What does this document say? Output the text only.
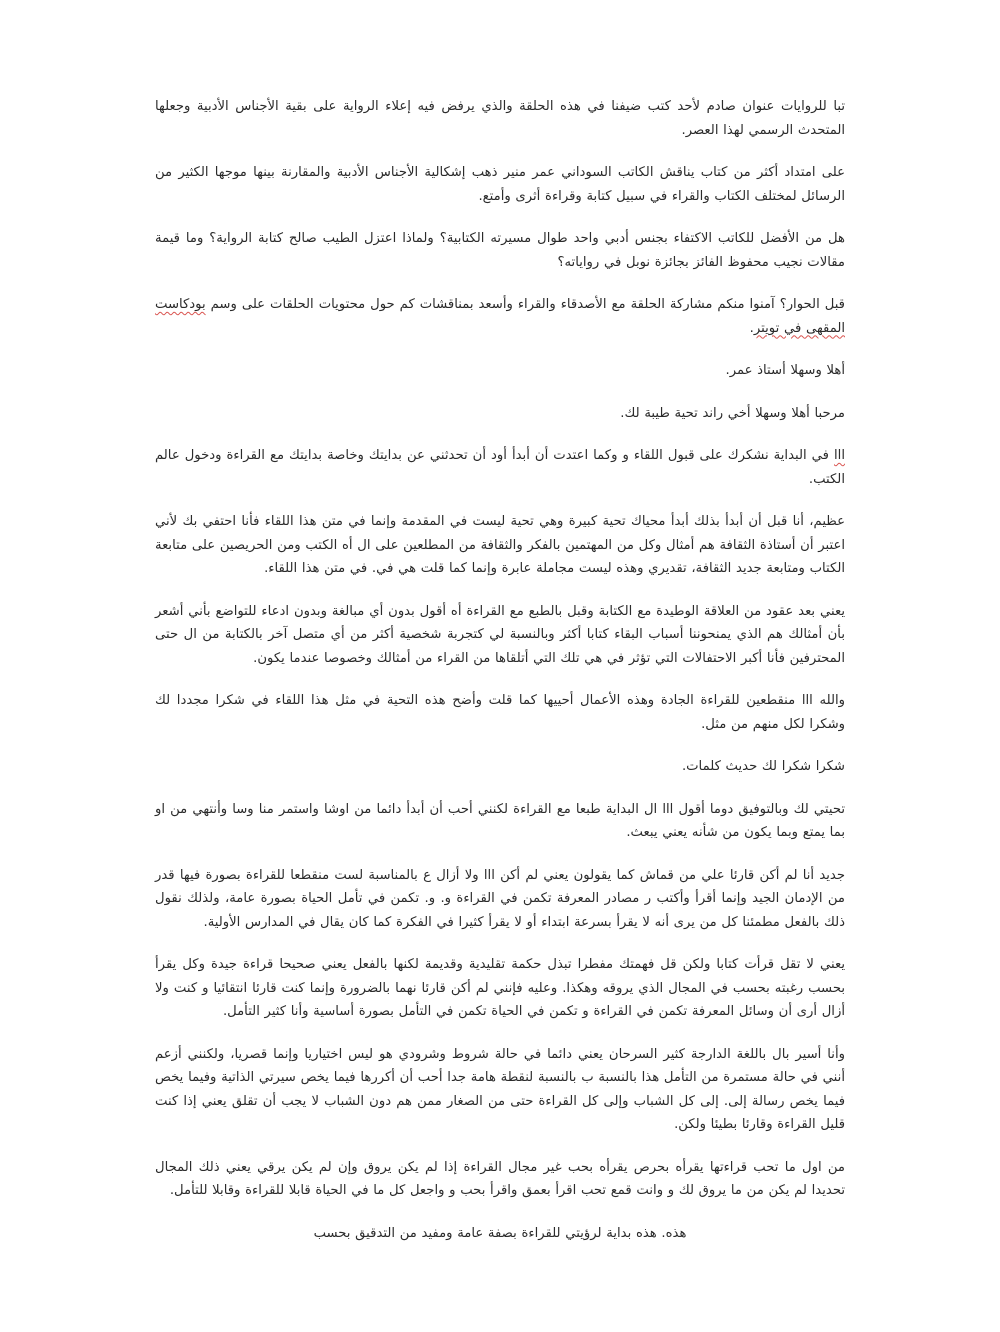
تبا للروايات عنوان صادم لأحد كتب ضيفنا في هذه الحلقة والذي يرفض فيه إعلاء الرواية على بقية الأجناس الأدبية وجعلها المتحدث الرسمي لهذا العصر.

على امتداد أكثر من كتاب يناقش الكاتب السوداني عمر منير ذهب إشكالية الأجناس الأدبية والمقارنة بينها موجها الكثير من الرسائل لمختلف الكتاب والقراء في سبيل كتابة وقراءة أثرى وأمتع.

هل من الأفضل للكاتب الاكتفاء بجنس أدبي واحد طوال مسيرته الكتابية؟ ولماذا اعتزل الطيب صالح كتابة الرواية؟ وما قيمة مقالات نجيب محفوظ الفائز بجائزة نوبل في رواياته؟

قبل الحوار؟ آمنوا منكم مشاركة الحلقة مع الأصدقاء والقراء وأسعد بمناقشات كم حول محتويات الحلقات على وسم بودكاست المقهى في تويتر.

أهلا وسهلا أستاذ عمر.

مرحبا أهلا وسهلا أخي راند تحية طيبة لك.

ااا في البداية نشكرك على قبول اللقاء و وكما اعتدت أن أبدأ أود أن تحدثني عن بدايتك وخاصة بدايتك مع القراءة ودخول عالم الكتب.

عظيم، أنا قبل أن أبدأ بذلك أبدأ محياك تحية كبيرة وهي تحية ليست في المقدمة وإنما في متن هذا اللقاء فأنا احتفي بك لأني اعتبر أن أستاذة الثقافة هم أمثال وكل من المهتمين بالفكر والثقافة من المطلعين على ال أه الكتب ومن الحريصين على متابعة الكتاب ومتابعة جديد الثقافة، تقديري وهذه ليست مجاملة عابرة وإنما كما قلت هي في. في متن هذا اللقاء.

يعني بعد عقود من العلاقة الوطيدة مع الكتابة وقبل بالطبع مع القراءة أه أقول بدون أي مبالغة وبدون ادعاء للتواضع بأني أشعر بأن أمثالك هم الذي يمنحوننا أسباب البقاء كتابا أكثر وبالنسبة لي كتجربة شخصية أكثر من أي متصل آخر بالكتابة من ال حتى المحترفين فأنا أكبر الاحتفالات التي تؤثر في هي تلك التي أتلقاها من القراء من أمثالك وخصوصا عندما يكون.

والله ااا منقطعين للقراءة الجادة وهذه الأعمال أحييها كما قلت وأضح هذه التحية في مثل هذا اللقاء في شكرا مجددا لك وشكرا لكل منهم من مثل.

شكرا شكرا لك حديث كلمات.

تحيتي لك وبالتوفيق دوما أقول ااا ال البداية طبعا مع القراءة لكنني أحب أن أبدأ دائما من اوشا واستمر منا وسا وأنتهي من او بما يمتع وبما يكون من شأنه يعني يبعث.

جديد أنا لم أكن قارئا علي من قماش كما يقولون يعني لم أكن ااا ولا أزال ع بالمناسبة لست منقطعا للقراءة بصورة فيها قدر من الإدمان الجيد وإنما أقرأ وأكتب ر مصادر المعرفة تكمن في القراءة و. و. تكمن في تأمل الحياة بصورة عامة، ولذلك نقول ذلك بالفعل مطمئنا كل من يرى أنه لا يقرأ بسرعة ابتداء أو لا يقرأ كثيرا في الفكرة كما كان يقال في المدارس الأولية.

يعني لا تقل قرأت كتابا ولكن قل فهمتك مفطرا تبذل حكمة تقليدية وقديمة لكنها بالفعل يعني صحيحا قراءة جيدة وكل يقرأ بحسب رغبته بحسب في المجال الذي يروقه وهكذا. وعليه فإنني لم أكن قارئا نهما بالضرورة وإنما كنت قارئا انتقائيا و كنت ولا أزال أرى أن وسائل المعرفة تكمن في القراءة و تكمن في الحياة تكمن في التأمل بصورة أساسية وأنا كثير التأمل.

وأنا أسير بال باللغة الدارجة كثير السرحان يعني دائما في حالة شروط وشرودي هو ليس اختياريا وإنما قصريا، ولكنني أزعم أنني في حالة مستمرة من التأمل هذا بالنسبة ب بالنسبة لنقطة هامة جدا أحب أن أكررها فيما يخص سيرتي الذاتية وفيما يخص فيما يخص رسالة إلى. إلى كل الشباب وإلى كل القراءة حتى من الصغار ممن هم دون الشباب لا يجب أن تقلق يعني إذا كنت قليل القراءة وقارئا بطيئا ولكن.

من اول ما تحب قراءتها يقرأه بحرص يقرأه بحب غير مجال القراءة إذا لم يكن يروق وإن لم يكن يرقي يعني ذلك المجال تحديدا لم يكن من ما يروق لك و وانت قمع تحب اقرأ بعمق واقرأ بحب و واجعل كل ما في الحياة قابلا للقراءة وقابلا للتأمل.

هذه. هذه بداية لرؤيتي للقراءة بصفة عامة ومفيد من التدقيق بحسب
